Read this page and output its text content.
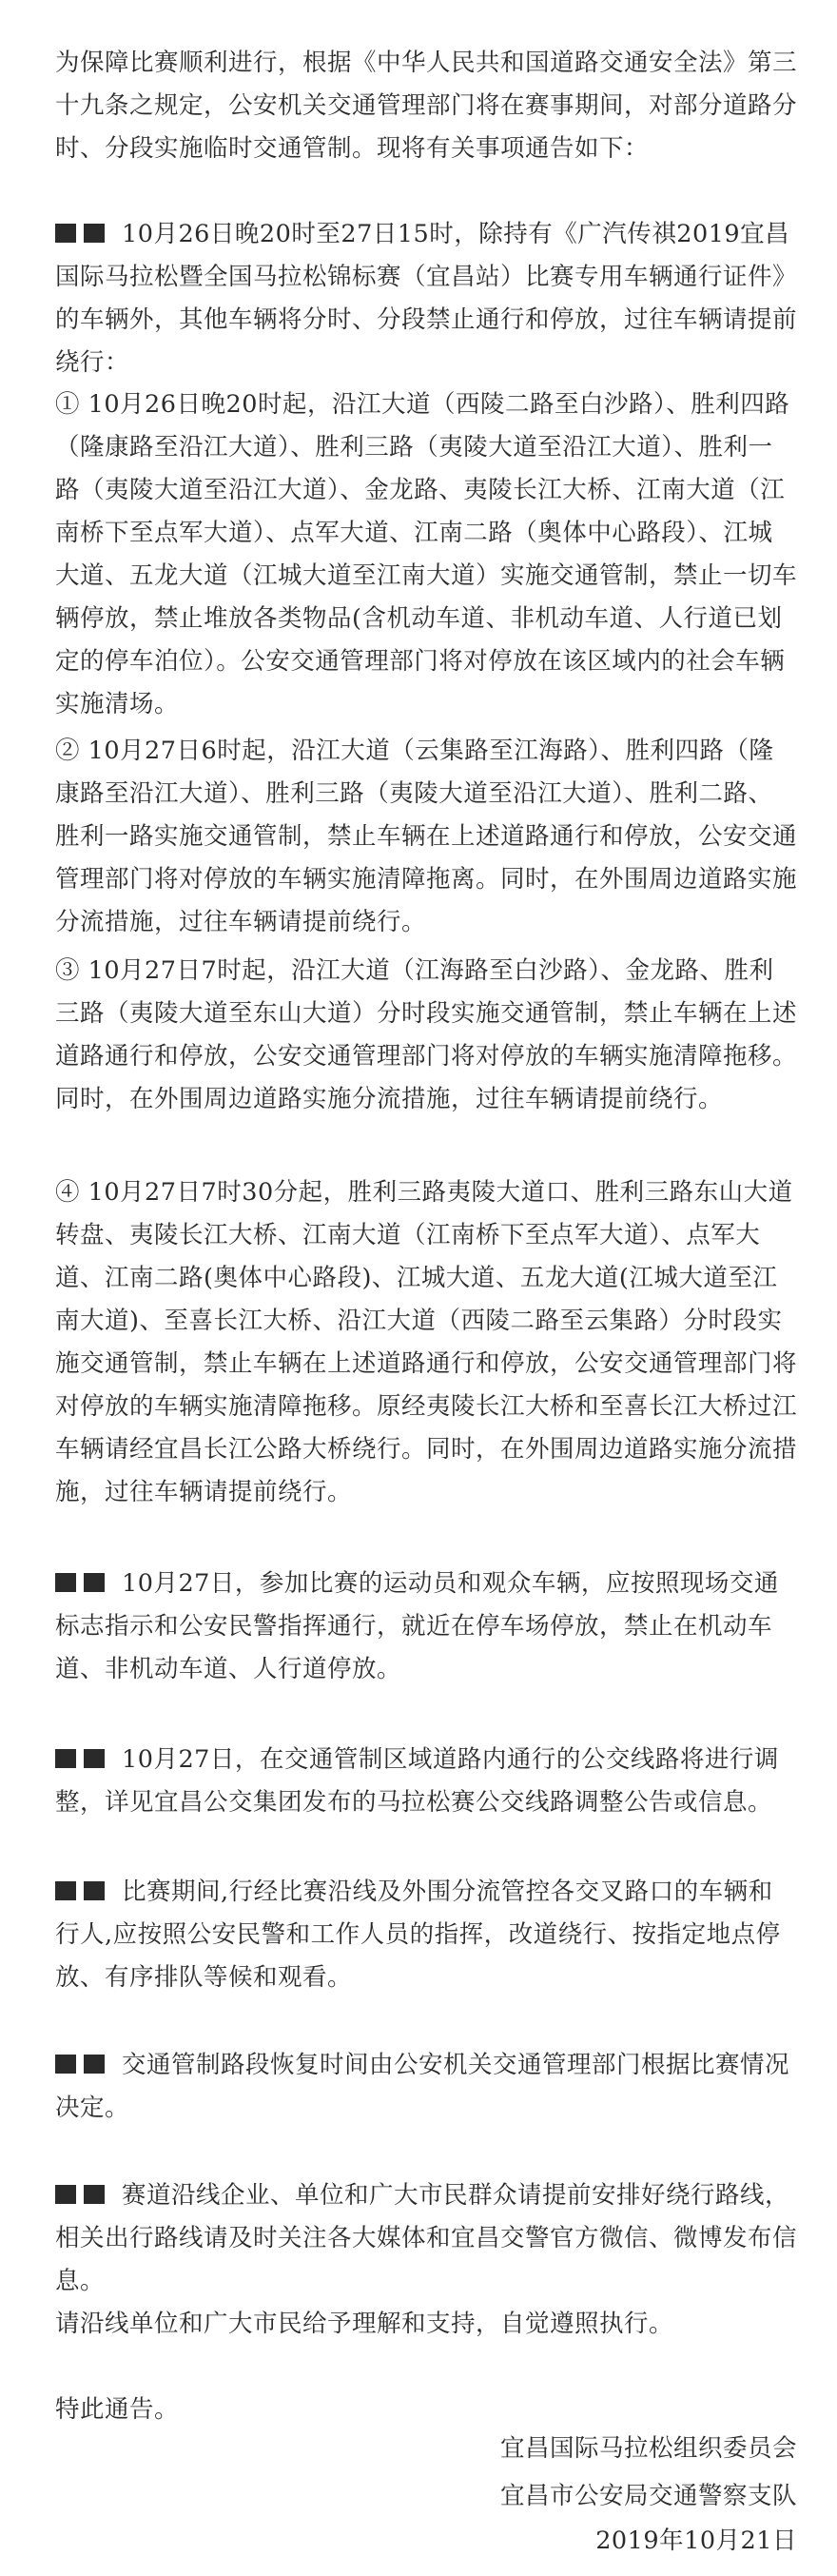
为保障比赛顺利进行，根据《中华人民共和国道路交通安全法》第三十九条之规定，公安机关交通管理部门将在赛事期间，对部分道路分时、分段实施临时交通管制。现将有关事项通告如下：

10月26日晚20时至27日15时，除持有《广汽传祺2019宜昌国际马拉松暨全国马拉松锦标赛（宜昌站）比赛专用车辆通行证件》的车辆外，其他车辆将分时、分段禁止通行和停放，过往车辆请提前绕行：

① 10月26日晚20时起，沿江大道（西陵二路至白沙路）、胜利四路（隆康路至沿江大道）、胜利三路（夷陵大道至沿江大道）、胜利一路（夷陵大道至沿江大道）、金龙路、夷陵长江大桥、江南大道（江南桥下至点军大道）、点军大道、江南二路（奥体中心路段）、江城大道、五龙大道（江城大道至江南大道）实施交通管制，禁止一切车辆停放，禁止堆放各类物品(含机动车道、非机动车道、人行道已划定的停车泊位）。公安交通管理部门将对停放在该区域内的社会车辆实施清场。

② 10月27日6时起，沿江大道（云集路至江海路）、胜利四路（隆康路至沿江大道）、胜利三路（夷陵大道至沿江大道）、胜利二路、胜利一路实施交通管制，禁止车辆在上述道路通行和停放，公安交通管理部门将对停放的车辆实施清障拖离。同时，在外围周边道路实施分流措施，过往车辆请提前绕行。

③ 10月27日7时起，沿江大道（江海路至白沙路）、金龙路、胜利三路（夷陵大道至东山大道）分时段实施交通管制，禁止车辆在上述道路通行和停放，公安交通管理部门将对停放的车辆实施清障拖移。同时，在外围周边道路实施分流措施，过往车辆请提前绕行。

④ 10月27日7时30分起，胜利三路夷陵大道口、胜利三路东山大道转盘、夷陵长江大桥、江南大道（江南桥下至点军大道）、点军大道、江南二路(奥体中心路段)、江城大道、五龙大道(江城大道至江南大道)、至喜长江大桥、沿江大道（西陵二路至云集路）分时段实施交通管制，禁止车辆在上述道路通行和停放，公安交通管理部门将对停放的车辆实施清障拖移。原经夷陵长江大桥和至喜长江大桥过江车辆请经宜昌长江公路大桥绕行。同时，在外围周边道路实施分流措施，过往车辆请提前绕行。

10月27日，参加比赛的运动员和观众车辆，应按照现场交通标志指示和公安民警指挥通行，就近在停车场停放，禁止在机动车道、非机动车道、人行道停放。

10月27日，在交通管制区域道路内通行的公交线路将进行调整，详见宜昌公交集团发布的马拉松赛公交线路调整公告或信息。

比赛期间,行经比赛沿线及外围分流管控各交叉路口的车辆和行人,应按照公安民警和工作人员的指挥，改道绕行、按指定地点停放、有序排队等候和观看。

交通管制路段恢复时间由公安机关交通管理部门根据比赛情况决定。

赛道沿线企业、单位和广大市民群众请提前安排好绕行路线，相关出行路线请及时关注各大媒体和宜昌交警官方微信、微博发布信息。

请沿线单位和广大市民给予理解和支持，自觉遵照执行。

特此通告。

宜昌国际马拉松组织委员会

宜昌市公安局交通警察支队

2019年10月21日
